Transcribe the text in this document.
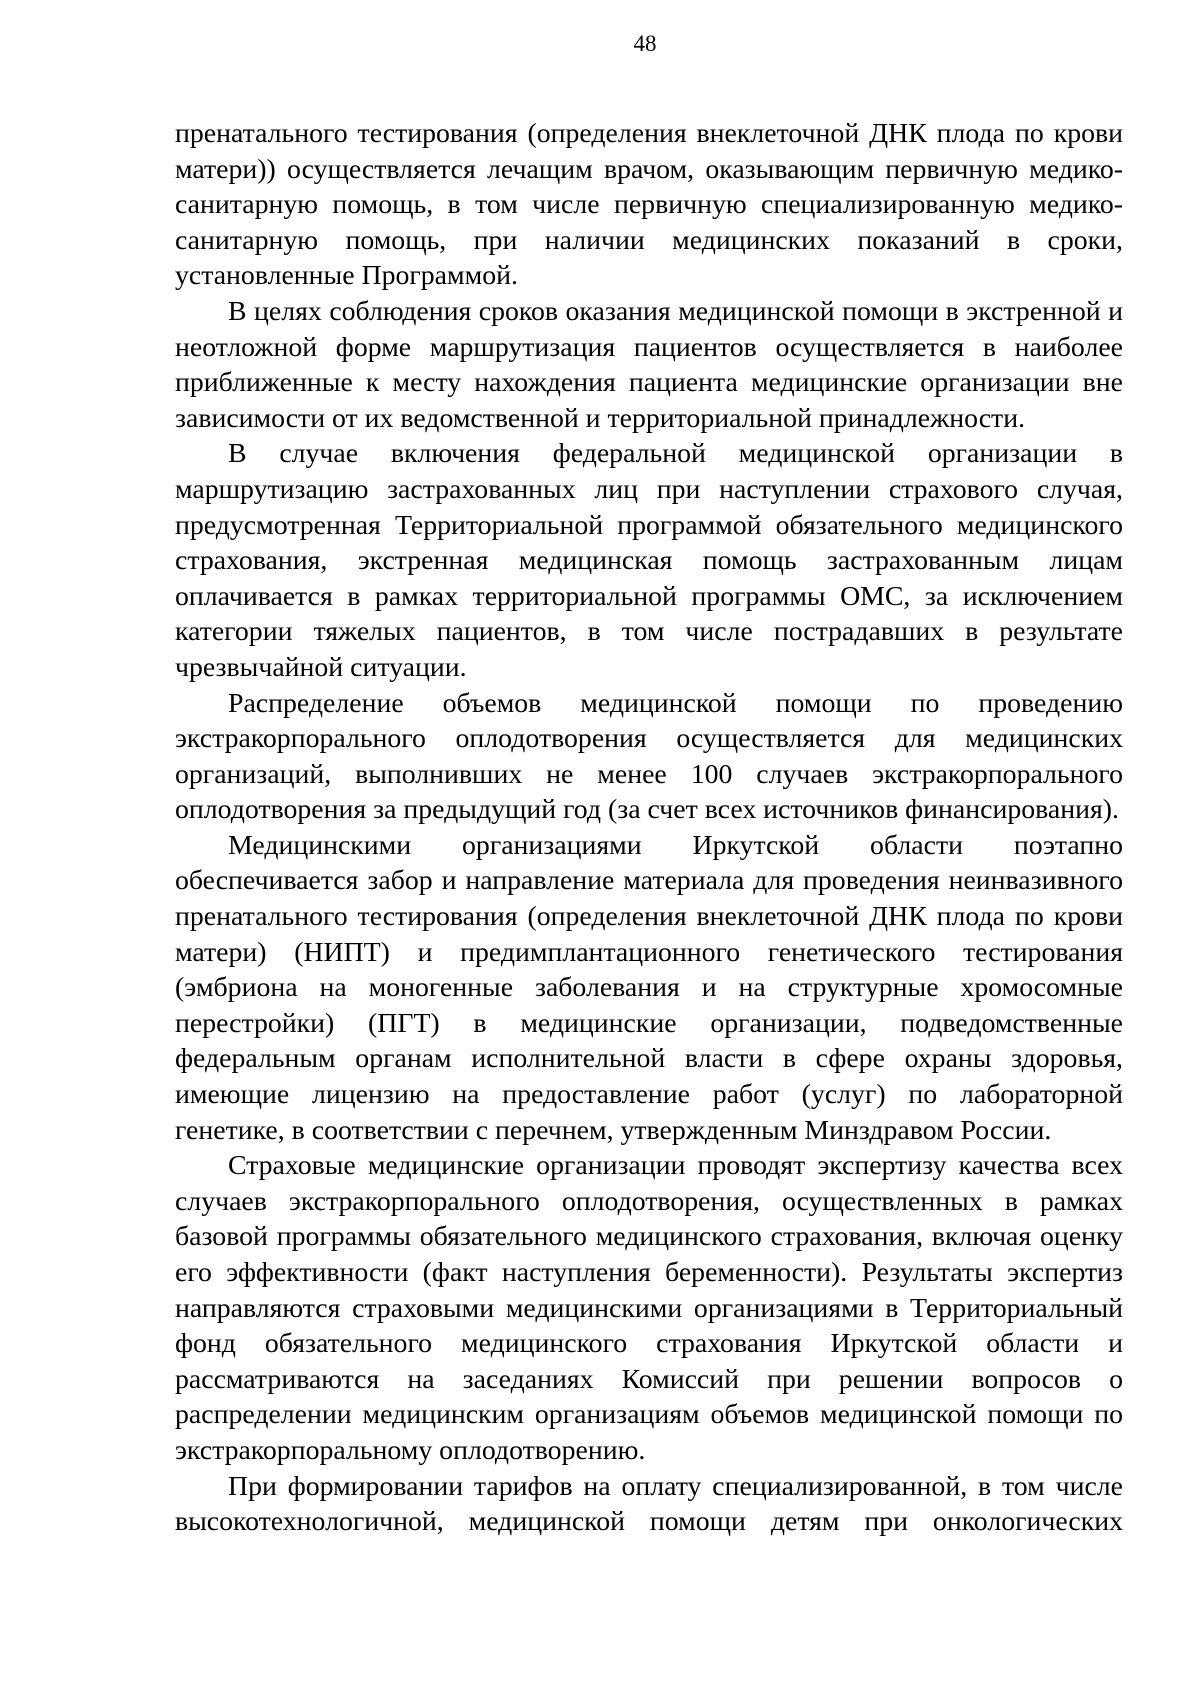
48

пренатального тестирования (определения внеклеточной ДНК плода по крови матери)) осуществляется лечащим врачом, оказывающим первичную медико-санитарную помощь, в том числе первичную специализированную медико-санитарную помощь, при наличии медицинских показаний в сроки, установленные Программой.

В целях соблюдения сроков оказания медицинской помощи в экстренной и неотложной форме маршрутизация пациентов осуществляется в наиболее приближенные к месту нахождения пациента медицинские организации вне зависимости от их ведомственной и территориальной принадлежности.

В случае включения федеральной медицинской организации в маршрутизацию застрахованных лиц при наступлении страхового случая, предусмотренная Территориальной программой обязательного медицинского страхования, экстренная медицинская помощь застрахованным лицам оплачивается в рамках территориальной программы ОМС, за исключением категории тяжелых пациентов, в том числе пострадавших в результате чрезвычайной ситуации.

Распределение объемов медицинской помощи по проведению экстракорпорального оплодотворения осуществляется для медицинских организаций, выполнивших не менее 100 случаев экстракорпорального оплодотворения за предыдущий год (за счет всех источников финансирования).

Медицинскими организациями Иркутской области поэтапно обеспечивается забор и направление материала для проведения неинвазивного пренатального тестирования (определения внеклеточной ДНК плода по крови матери) (НИПТ) и предимплантационного генетического тестирования (эмбриона на моногенные заболевания и на структурные хромосомные перестройки) (ПГТ) в медицинские организации, подведомственные федеральным органам исполнительной власти в сфере охраны здоровья, имеющие лицензию на предоставление работ (услуг) по лабораторной генетике, в соответствии с перечнем, утвержденным Минздравом России.

Страховые медицинские организации проводят экспертизу качества всех случаев экстракорпорального оплодотворения, осуществленных в рамках базовой программы обязательного медицинского страхования, включая оценку его эффективности (факт наступления беременности). Результаты экспертиз направляются страховыми медицинскими организациями в Территориальный фонд обязательного медицинского страхования Иркутской области и рассматриваются на заседаниях Комиссий при решении вопросов о распределении медицинским организациям объемов медицинской помощи по экстракорпоральному оплодотворению.

При формировании тарифов на оплату специализированной, в том числе высокотехнологичной, медицинской помощи детям при онкологических
